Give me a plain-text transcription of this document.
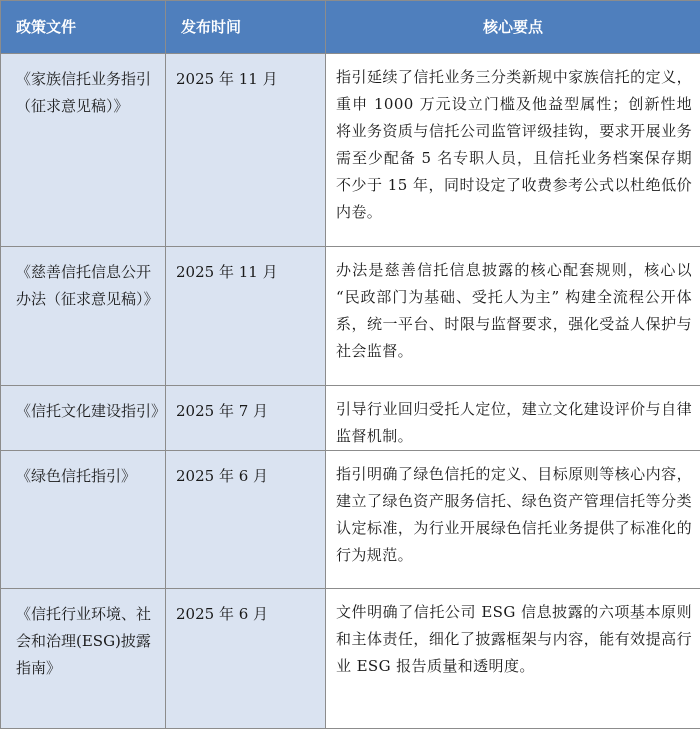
政策文件	发布时间	核心要点
《家族信托业务指引（征求意见稿）》	2025 年 11 月	指引延续了信托业务三分类新规中家族信托的定义，重申 1000 万元设立门槛及他益型属性；创新性地将业务资质与信托公司监管评级挂钩，要求开展业务需至少配备 5 名专职人员，且信托业务档案保存期不少于 15 年，同时设定了收费参考公式以杜绝低价内卷。
《慈善信托信息公开办法（征求意见稿）》	2025 年 11 月	办法是慈善信托信息披露的核心配套规则，核心以 “民政部门为基础、受托人为主” 构建全流程公开体系，统一平台、时限与监督要求，强化受益人保护与社会监督。
《信托文化建设指引》	2025 年 7 月	引导行业回归受托人定位，建立文化建设评价与自律监督机制。
《绿色信托指引》	2025 年 6 月	指引明确了绿色信托的定义、目标原则等核心内容，建立了绿色资产服务信托、绿色资产管理信托等分类认定标准，为行业开展绿色信托业务提供了标准化的行为规范。
《信托行业环境、社会和治理(ESG)披露指南》	2025 年 6 月	文件明确了信托公司 ESG 信息披露的六项基本原则和主体责任，细化了披露框架与内容，能有效提高行业 ESG 报告质量和透明度。
